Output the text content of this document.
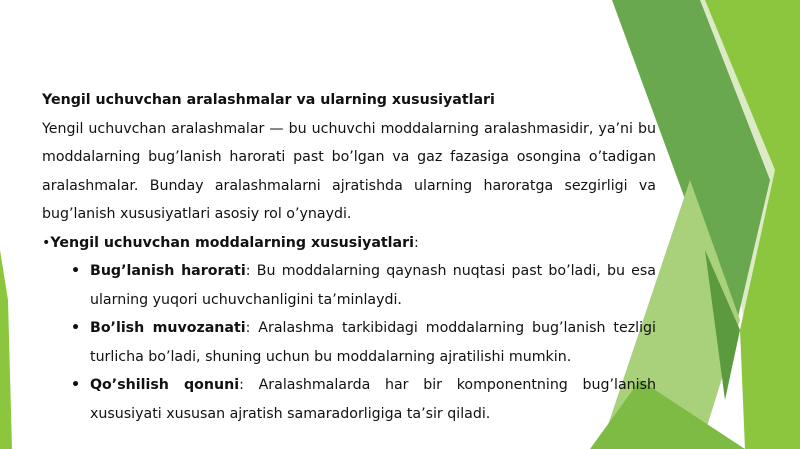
Yengil uchuvchan aralashmalar va ularning xususiyatlari

Yengil uchuvchan aralashmalar — bu uchuvchi moddalarning aralashmasidir, ya’ni bu moddalarning bug’lanish harorati past bo’lgan va gaz fazasiga osongina o’tadigan aralashmalar. Bunday aralashmalarni ajratishda ularning haroratga sezgirligi va bug’lanish xususiyatlari asosiy rol o’ynaydi.

•Yengil uchuvchan moddalarning xususiyatlari:

• Bug’lanish harorati: Bu moddalarning qaynash nuqtasi past bo’ladi, bu esa ularning yuqori uchuvchanligini ta’minlaydi.
• Bo’lish muvozanati: Aralashma tarkibidagi moddalarning bug’lanish tezligi turlicha bo’ladi, shuning uchun bu moddalarning ajratilishi mumkin.
• Qo’shilish qonuni: Aralashmalarda har bir komponentning bug’lanish xususiyati xususan ajratish samaradorligiga ta’sir qiladi.
